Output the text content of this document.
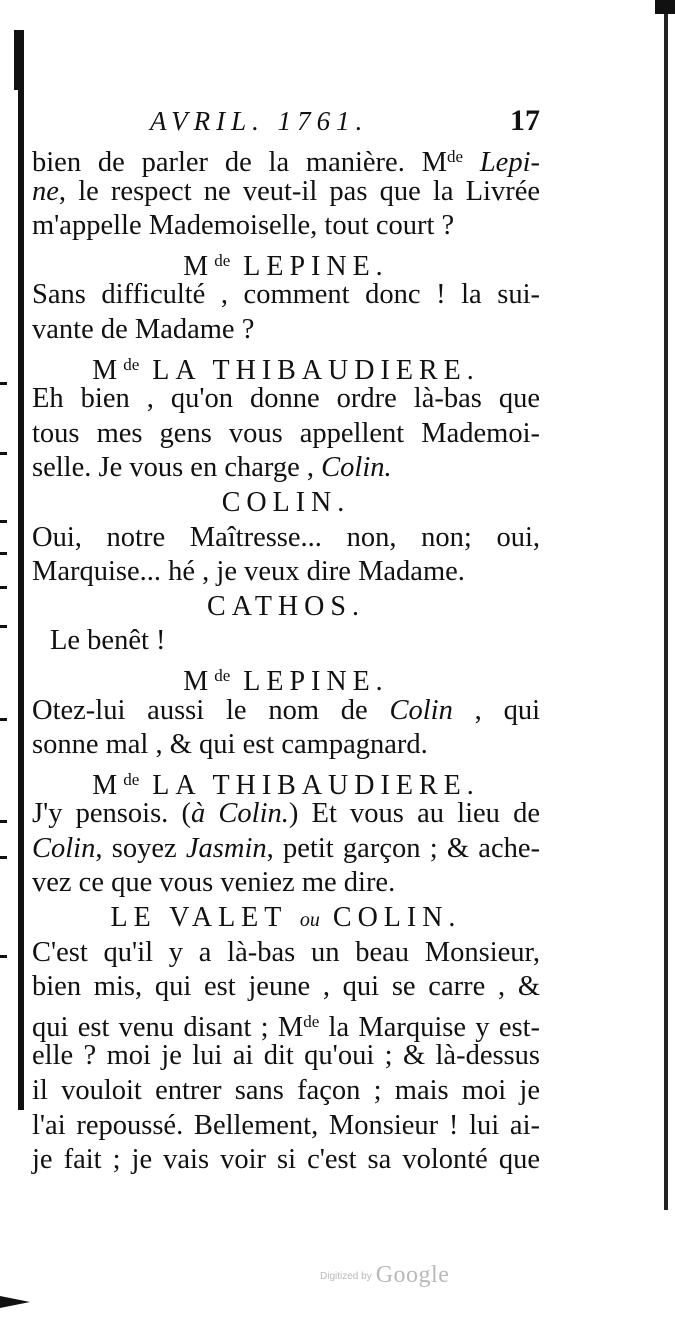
AVRIL. 1761.	17
bien de parler de la manière. Mde Lepi-
ne, le respect ne veut-il pas que la Livrée
m'appelle Mademoiselle, tout court ?
Mde LEPINE.
Sans difficulté , comment donc ! la sui-
vante de Madame ?
Mde LA THIBAUDIERE.
Eh bien , qu'on donne ordre là-bas que
tous mes gens vous appellent Mademoi-
selle. Je vous en charge , Colin.
COLIN.
Oui, notre Maîtresse... non, non; oui,
Marquise... hé , je veux dire Madame.
CATHOS.
Le benêt !
Mde LEPINE.
Otez-lui aussi le nom de Colin , qui
sonne mal , & qui est campagnard.
Mde LA THIBAUDIERE.
J'y pensois. (à Colin.) Et vous au lieu de
Colin, soyez Jasmin, petit garçon ; & ache-
vez ce que vous veniez me dire.
LE VALET ou COLIN.
C'est qu'il y a là-bas un beau Monsieur,
bien mis, qui est jeune , qui se carre , &
qui est venu disant ; Mde la Marquise y est-
elle ? moi je lui ai dit qu'oui ; & là-dessus
il vouloit entrer sans façon ; mais moi je
l'ai repoussé. Bellement, Monsieur ! lui ai-
je fait ; je vais voir si c'est sa volonté que
Digitized by Google
